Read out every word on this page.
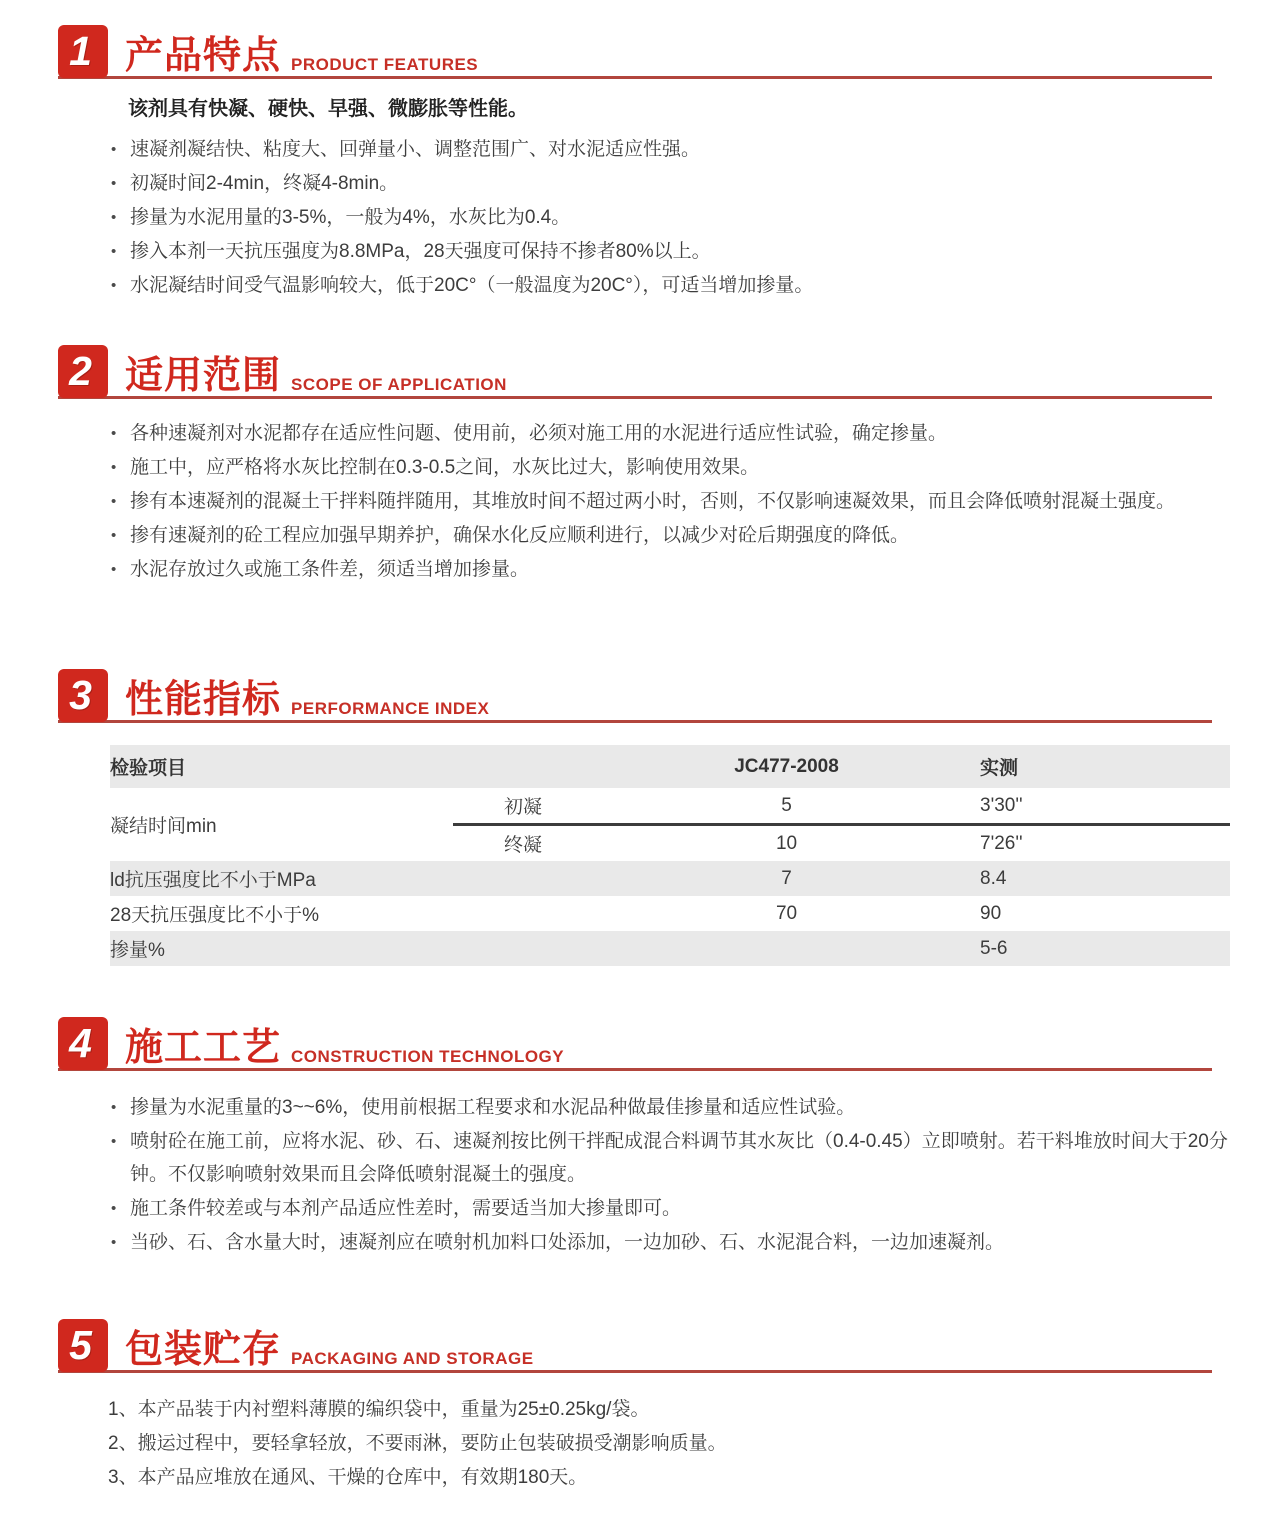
1 产品特点 PRODUCT FEATURES
该剂具有快凝、硬快、早强、微膨胀等性能。
• 速凝剂凝结快、粘度大、回弹量小、调整范围广、对水泥适应性强。
• 初凝时间2-4min，终凝4-8min。
• 掺量为水泥用量的3-5%，一般为4%，水灰比为0.4。
• 掺入本剂一天抗压强度为8.8MPa，28天强度可保持不掺者80%以上。
• 水泥凝结时间受气温影响较大，低于20C°（一般温度为20C°），可适当增加掺量。
2 适用范围 SCOPE OF APPLICATION
• 各种速凝剂对水泥都存在适应性问题、使用前，必须对施工用的水泥进行适应性试验，确定掺量。
• 施工中，应严格将水灰比控制在0.3-0.5之间，水灰比过大，影响使用效果。
• 掺有本速凝剂的混凝土干拌料随拌随用，其堆放时间不超过两小时，否则，不仅影响速凝效果，而且会降低喷射混凝土强度。
• 掺有速凝剂的砼工程应加强早期养护，确保水化反应顺利进行，以减少对砼后期强度的降低。
• 水泥存放过久或施工条件差，须适当增加掺量。
3 性能指标 PERFORMANCE INDEX
检验项目		JC477-2008	实测
凝结时间min	初凝	5	3'30''
	终凝	10	7'26''
ld抗压强度比不小于MPa		7	8.4
28天抗压强度比不小于%		70	90
掺量%			5-6
4 施工工艺 CONSTRUCTION TECHNOLOGY
• 掺量为水泥重量的3~~6%，使用前根据工程要求和水泥品种做最佳掺量和适应性试验。
• 喷射砼在施工前，应将水泥、砂、石、速凝剂按比例干拌配成混合料调节其水灰比（0.4-0.45）立即喷射。若干料堆放时间大于20分钟。不仅影响喷射效果而且会降低喷射混凝土的强度。
• 施工条件较差或与本剂产品适应性差时，需要适当加大掺量即可。
• 当砂、石、含水量大时，速凝剂应在喷射机加料口处添加，一边加砂、石、水泥混合料，一边加速凝剂。
5 包装贮存 PACKAGING AND STORAGE
1、本产品装于内衬塑料薄膜的编织袋中，重量为25±0.25kg/袋。
2、搬运过程中，要轻拿轻放，不要雨淋，要防止包装破损受潮影响质量。
3、本产品应堆放在通风、干燥的仓库中，有效期180天。
